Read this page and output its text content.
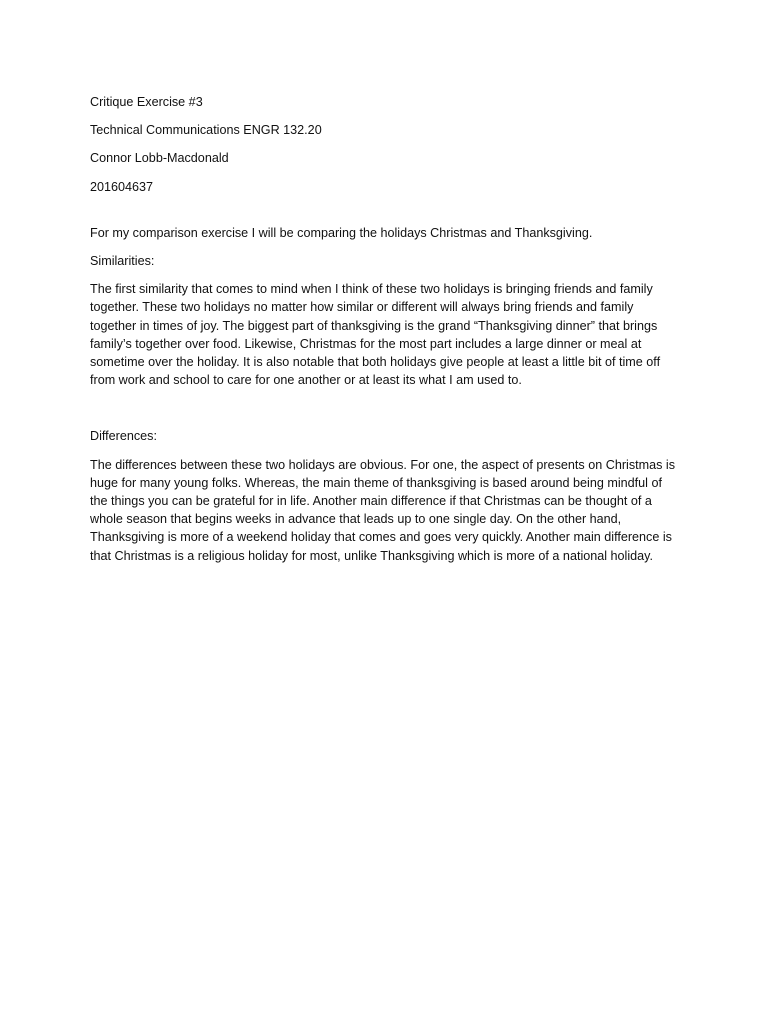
Critique Exercise #3
Technical Communications ENGR 132.20
Connor Lobb-Macdonald
201604637
For my comparison exercise I will be comparing the holidays Christmas and Thanksgiving.
Similarities:
The first similarity that comes to mind when I think of these two holidays is bringing friends and family together. These two holidays no matter how similar or different will always bring friends and family together in times of joy. The biggest part of thanksgiving is the grand “Thanksgiving dinner” that brings family’s together over food. Likewise, Christmas for the most part includes a large dinner or meal at sometime over the holiday. It is also notable that both holidays give people at least a little bit of time off from work and school to care for one another or at least its what I am used to.
Differences:
The differences between these two holidays are obvious. For one, the aspect of presents on Christmas is huge for many young folks. Whereas, the main theme of thanksgiving is based around being mindful of the things you can be grateful for in life. Another main difference if that Christmas can be thought of a whole season that begins weeks in advance that leads up to one single day. On the other hand, Thanksgiving is more of a weekend holiday that comes and goes very quickly. Another main difference is that Christmas is a religious holiday for most, unlike Thanksgiving which is more of a national holiday.
